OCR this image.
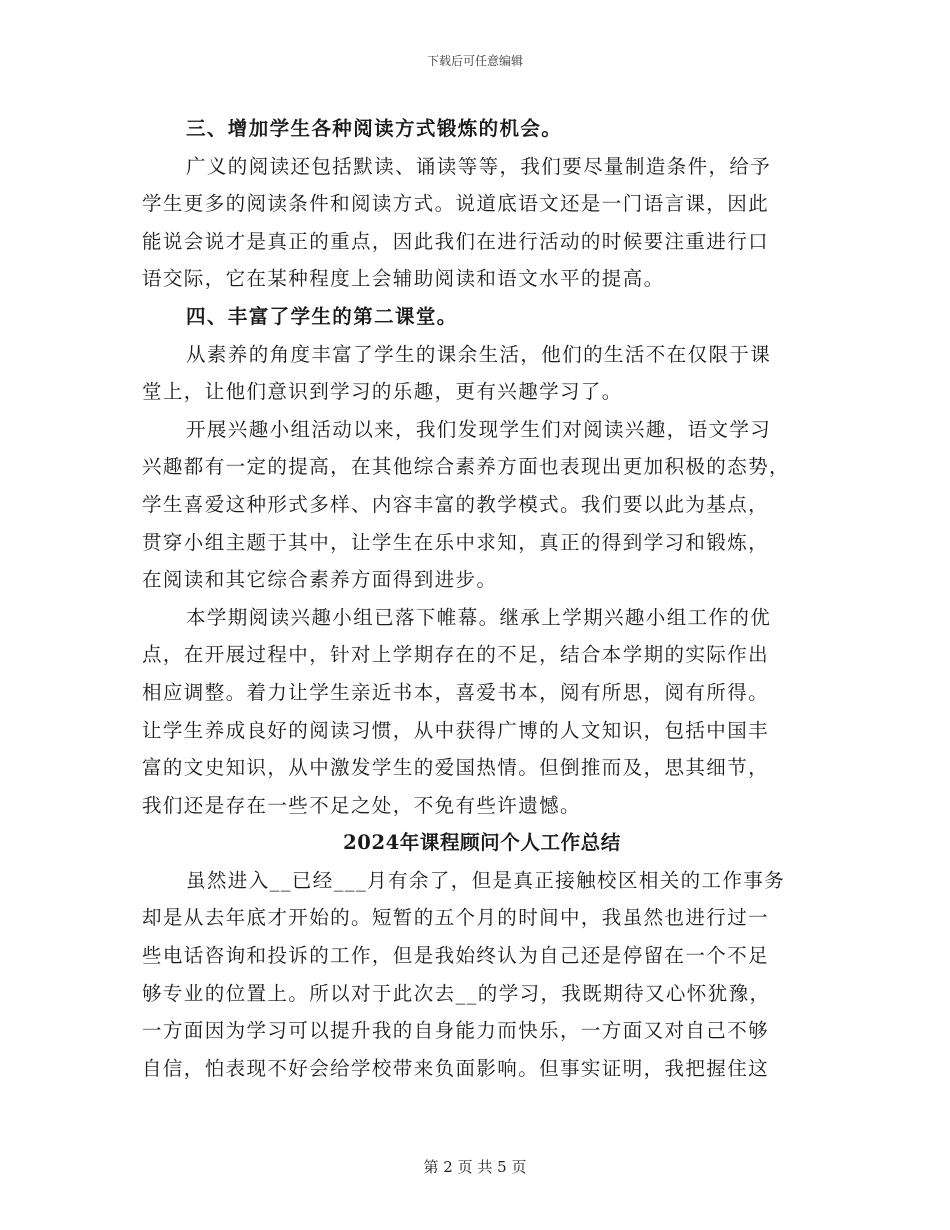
下载后可任意编辑
三、增加学生各种阅读方式锻炼的机会。
广义的阅读还包括默读、诵读等等，我们要尽量制造条件，给予
学生更多的阅读条件和阅读方式。说道底语文还是一门语言课，因此
能说会说才是真正的重点，因此我们在进行活动的时候要注重进行口
语交际，它在某种程度上会辅助阅读和语文水平的提高。
四、丰富了学生的第二课堂。
从素养的角度丰富了学生的课余生活，他们的生活不在仅限于课
堂上，让他们意识到学习的乐趣，更有兴趣学习了。
开展兴趣小组活动以来，我们发现学生们对阅读兴趣，语文学习
兴趣都有一定的提高，在其他综合素养方面也表现出更加积极的态势，
学生喜爱这种形式多样、内容丰富的教学模式。我们要以此为基点，
贯穿小组主题于其中，让学生在乐中求知，真正的得到学习和锻炼，
在阅读和其它综合素养方面得到进步。
本学期阅读兴趣小组已落下帷幕。继承上学期兴趣小组工作的优
点，在开展过程中，针对上学期存在的不足，结合本学期的实际作出
相应调整。着力让学生亲近书本，喜爱书本，阅有所思，阅有所得。
让学生养成良好的阅读习惯，从中获得广博的人文知识，包括中国丰
富的文史知识，从中激发学生的爱国热情。但倒推而及，思其细节，
我们还是存在一些不足之处，不免有些许遗憾。
2024年课程顾问个人工作总结
虽然进入__已经___月有余了，但是真正接触校区相关的工作事务
却是从去年底才开始的。短暂的五个月的时间中，我虽然也进行过一
些电话咨询和投诉的工作，但是我始终认为自己还是停留在一个不足
够专业的位置上。所以对于此次去__的学习，我既期待又心怀犹豫，
一方面因为学习可以提升我的自身能力而快乐，一方面又对自己不够
自信，怕表现不好会给学校带来负面影响。但事实证明，我把握住这
第 2 页 共 5 页
